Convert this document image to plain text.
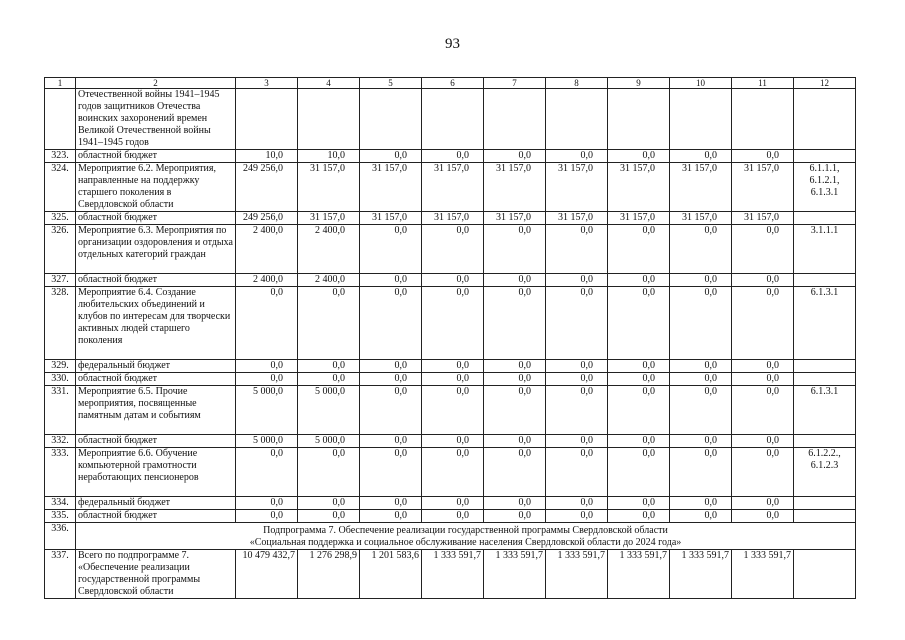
93
1	2	3	4	5	6	7	8	9	10	11	12
	Отечественной войны 1941–1945 годов защитников Отечества воинских захоронений времен Великой Отечественной войны 1941–1945 годов										
323.	областной бюджет	10,0	10,0	0,0	0,0	0,0	0,0	0,0	0,0	0,0	
324.	Мероприятие 6.2. Мероприятия, направленные на поддержку старшего поколения в Свердловской области	249 256,0	31 157,0	31 157,0	31 157,0	31 157,0	31 157,0	31 157,0	31 157,0	31 157,0	6.1.1.1, 6.1.2.1, 6.1.3.1
325.	областной бюджет	249 256,0	31 157,0	31 157,0	31 157,0	31 157,0	31 157,0	31 157,0	31 157,0	31 157,0	
326.	Мероприятие 6.3. Мероприятия по организации оздоровления и отдыха отдельных категорий граждан	2 400,0	2 400,0	0,0	0,0	0,0	0,0	0,0	0,0	0,0	3.1.1.1
327.	областной бюджет	2 400,0	2 400,0	0,0	0,0	0,0	0,0	0,0	0,0	0,0	
328.	Мероприятие 6.4. Создание любительских объединений и клубов по интересам для творчески активных людей старшего поколения	0,0	0,0	0,0	0,0	0,0	0,0	0,0	0,0	0,0	6.1.3.1
329.	федеральный бюджет	0,0	0,0	0,0	0,0	0,0	0,0	0,0	0,0	0,0	
330.	областной бюджет	0,0	0,0	0,0	0,0	0,0	0,0	0,0	0,0	0,0	
331.	Мероприятие 6.5. Прочие мероприятия, посвященные памятным датам и событиям	5 000,0	5 000,0	0,0	0,0	0,0	0,0	0,0	0,0	0,0	6.1.3.1
332.	областной бюджет	5 000,0	5 000,0	0,0	0,0	0,0	0,0	0,0	0,0	0,0	
333.	Мероприятие 6.6. Обучение компьютерной грамотности неработающих пенсионеров	0,0	0,0	0,0	0,0	0,0	0,0	0,0	0,0	0,0	6.1.2.2., 6.1.2.3
334.	федеральный бюджет	0,0	0,0	0,0	0,0	0,0	0,0	0,0	0,0	0,0	
335.	областной бюджет	0,0	0,0	0,0	0,0	0,0	0,0	0,0	0,0	0,0	
336.	Подпрограмма 7. Обеспечение реализации государственной программы Свердловской области
«Социальная поддержка и социальное обслуживание населения Свердловской области до 2024 года»										

337.	Всего по подпрограмме 7. «Обеспечение реализации государственной программы Свердловской области	10 479 432,7	1 276 298,9	1 201 583,6	1 333 591,7	1 333 591,7	1 333 591,7	1 333 591,7	1 333 591,7	1 333 591,7	
